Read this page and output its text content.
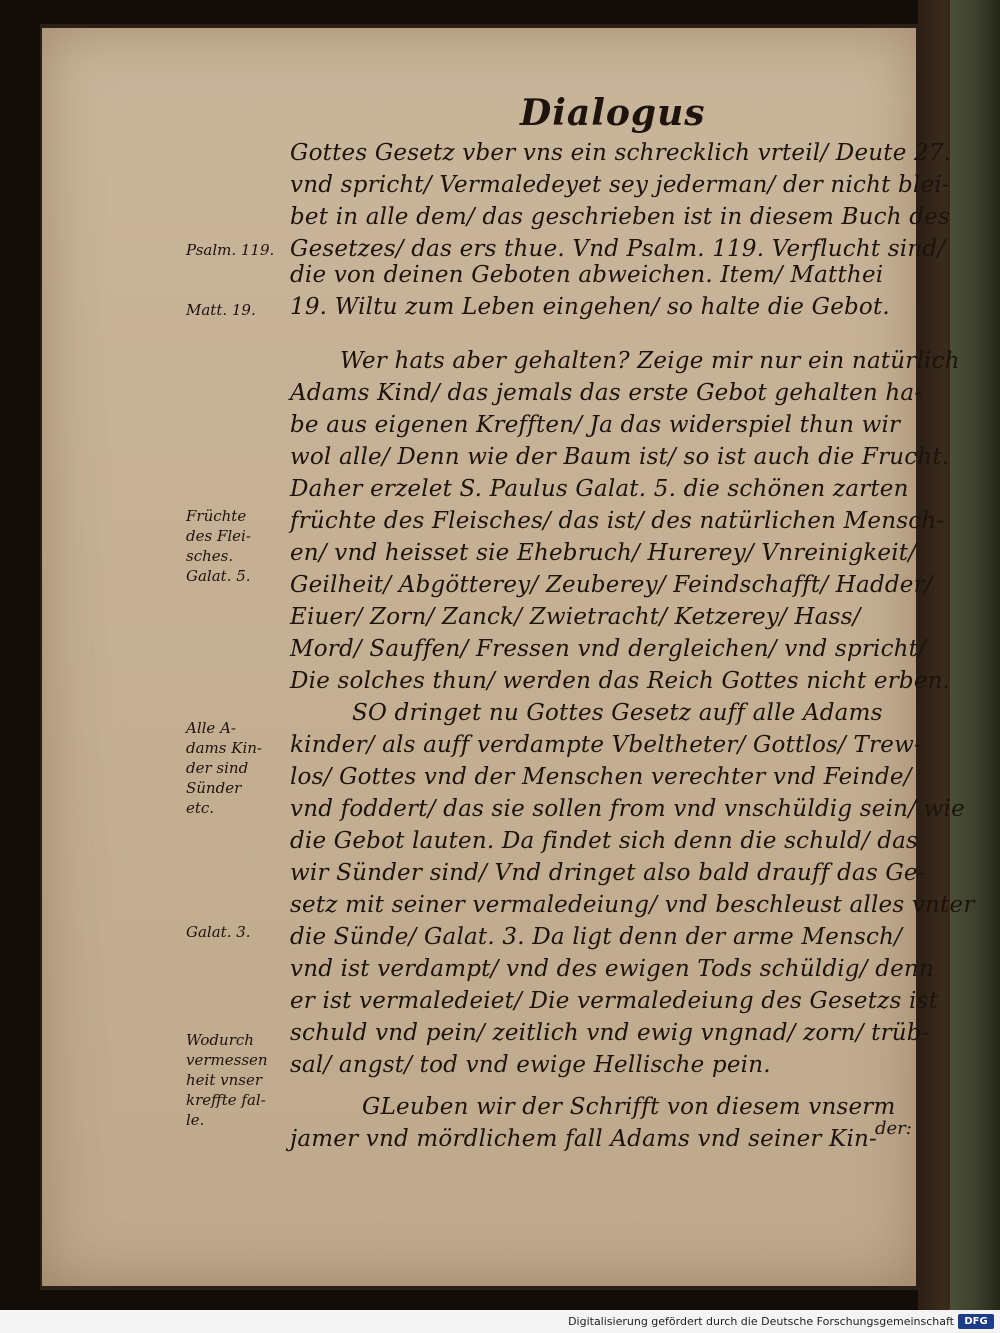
Dialogus
Gottes Gesetz vber vns ein schrecklich vrteil/ Deute 27.
vnd spricht/ Vermaledeyet sey jederman/ der nicht blei-
bet in alle dem/ das geschrieben ist in diesem Buch des
Gesetzes/ das ers thue. Vnd Psalm. 119. Verflucht sind/
die von deinen Geboten abweichen. Item/ Matthei
19. Wiltu zum Leben eingehen/ so halte die Gebot.
Wer hats aber gehalten? Zeige mir nur ein natürlich
Adams Kind/ das jemals das erste Gebot gehalten ha-
be aus eigenen Krefften/ Ja das widerspiel thun wir
wol alle/ Denn wie der Baum ist/ so ist auch die Frucht.
Daher erzelet S. Paulus Galat. 5. die schönen zarten
früchte des Fleisches/ das ist/ des natürlichen Mensch-
en/ vnd heisset sie Ehebruch/ Hurerey/ Vnreinigkeit/
Geilheit/ Abgötterey/ Zeuberey/ Feindschafft/ Hadder/
Eiuer/ Zorn/ Zanck/ Zwietracht/ Ketzerey/ Hass/
Mord/ Sauffen/ Fressen vnd dergleichen/ vnd spricht/
Die solches thun/ werden das Reich Gottes nicht erben.
SO dringet nu Gottes Gesetz auff alle Adams
kinder/ als auff verdampte Vbeltheter/ Gottlos/ Trew-
los/ Gottes vnd der Menschen verechter vnd Feinde/
vnd foddert/ das sie sollen from vnd vnschüldig sein/ wie
die Gebot lauten. Da findet sich denn die schuld/ das
wir Sünder sind/ Vnd dringet also bald drauff das Ge-
setz mit seiner vermaledeiung/ vnd beschleust alles vnter
die Sünde/ Galat. 3. Da ligt denn der arme Mensch/
vnd ist verdampt/ vnd des ewigen Tods schüldig/ denn
er ist vermaledeiet/ Die vermaledeiung des Gesetzs ist
schuld vnd pein/ zeitlich vnd ewig vngnad/ zorn/ trüb-
sal/ angst/ tod vnd ewige Hellische pein.
GLeuben wir der Schrifft von diesem vnserm
jamer vnd mördlichem fall Adams vnd seiner Kin-
der:
Psalm. 119.
Matt. 19.
Früchte
des Flei-
sches.
Galat. 5.
Alle A-
dams Kin-
der sind
Sünder
etc.
Galat. 3.
Wodurch
vermessen
heit vnser
kreffte fal-
le.
Digitalisierung gefördert durch die Deutsche Forschungsgemeinschaft	DFG
